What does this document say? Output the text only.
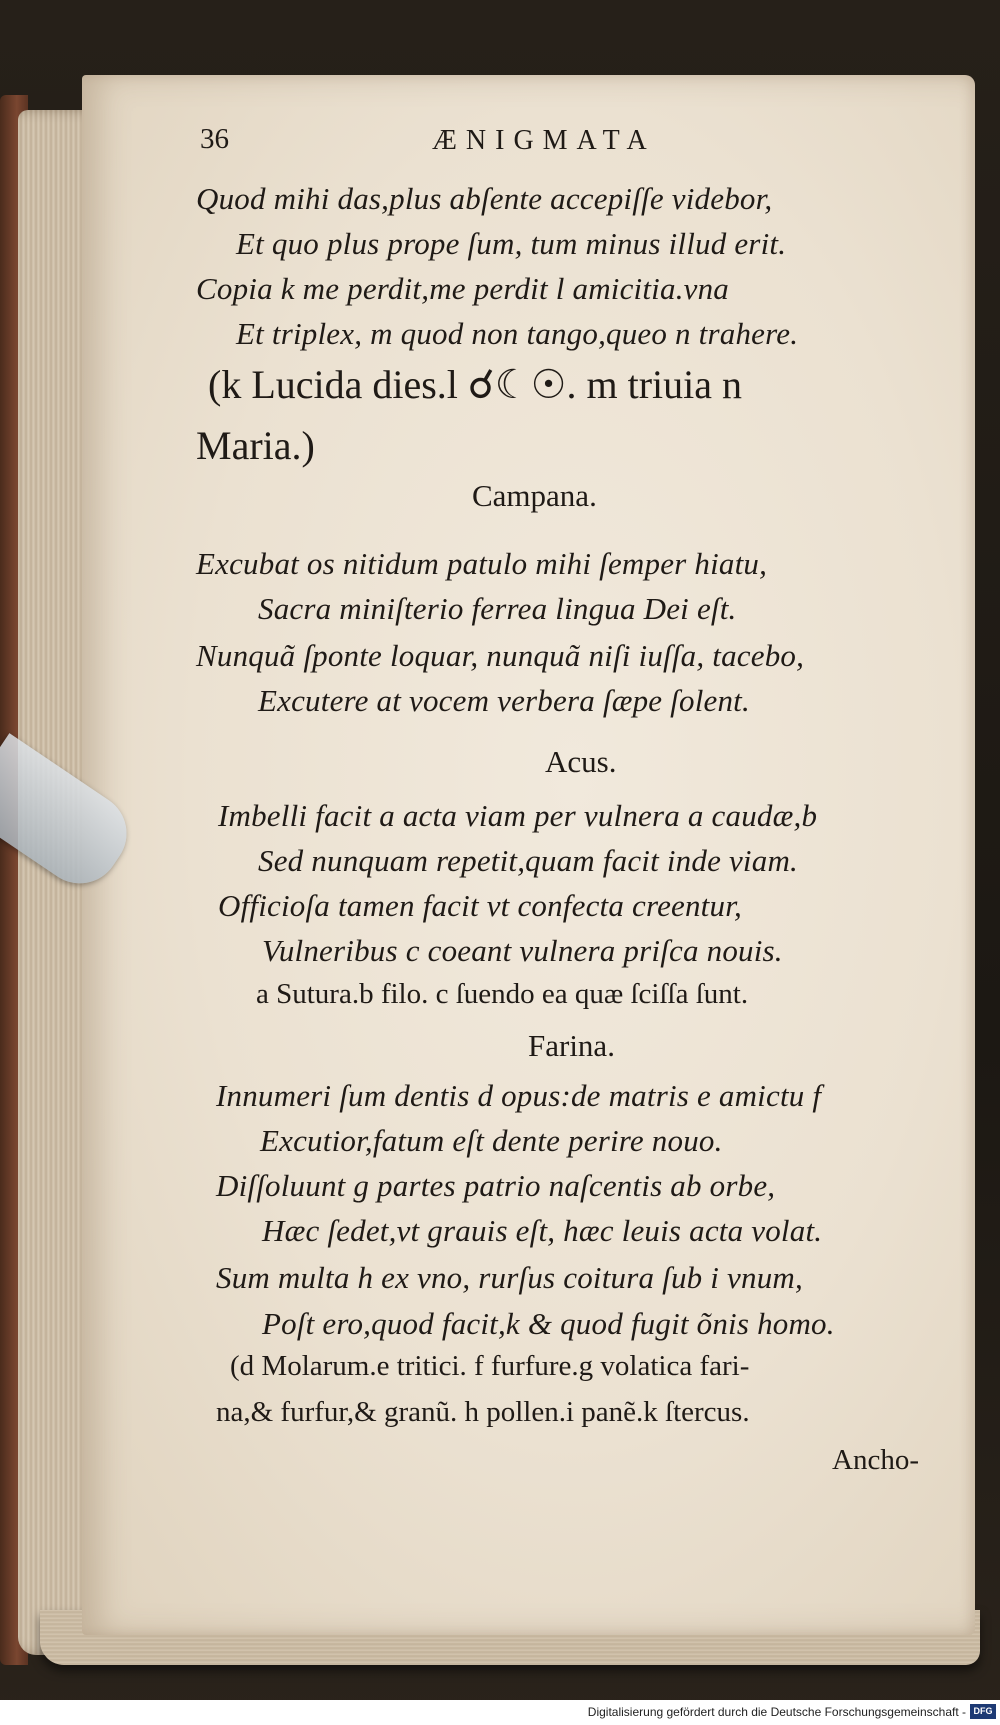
36	ÆNIGMATA
Quod mihi das,plus abſente accepiſſe videbor,
Et quo plus prope ſum, tum minus illud erit.
Copia k me perdit,me perdit l amicitia.vna
Et triplex, m quod non tango,queo n trahere.
(k Lucida dies.l ☌☾☉. m triuia n
Maria.)
Campana.
Excubat os nitidum patulo mihi ſemper hiatu,
Sacra miniſterio ferrea lingua Dei eſt.
Nunquã ſponte loquar, nunquã niſi iuſſa, tacebo,
Excutere at vocem verbera ſæpe ſolent.
Acus.
Imbelli facit a acta viam per vulnera a caudæ,b
Sed nunquam repetit,quam facit inde viam.
Officioſa tamen facit vt confecta creentur,
Vulneribus c coeant vulnera priſca nouis.
a Sutura.b filo. c ſuendo ea quæ ſciſſa ſunt.
Farina.
Innumeri ſum dentis d opus:de matris e amictu f
Excutior,fatum eſt dente perire nouo.
Diſſoluunt g partes patrio naſcentis ab orbe,
Hæc ſedet,vt grauis eſt, hæc leuis acta volat.
Sum multa h ex vno, rurſus coitura ſub i vnum,
Poſt ero,quod facit,k & quod fugit õnis homo.
(d Molarum.e tritici. f furfure.g volatica fari-
na,& furfur,& granũ. h pollen.i panẽ.k ſtercus.
Ancho-
Digitalisierung gefördert durch die Deutsche Forschungsgemeinschaft - DFG
